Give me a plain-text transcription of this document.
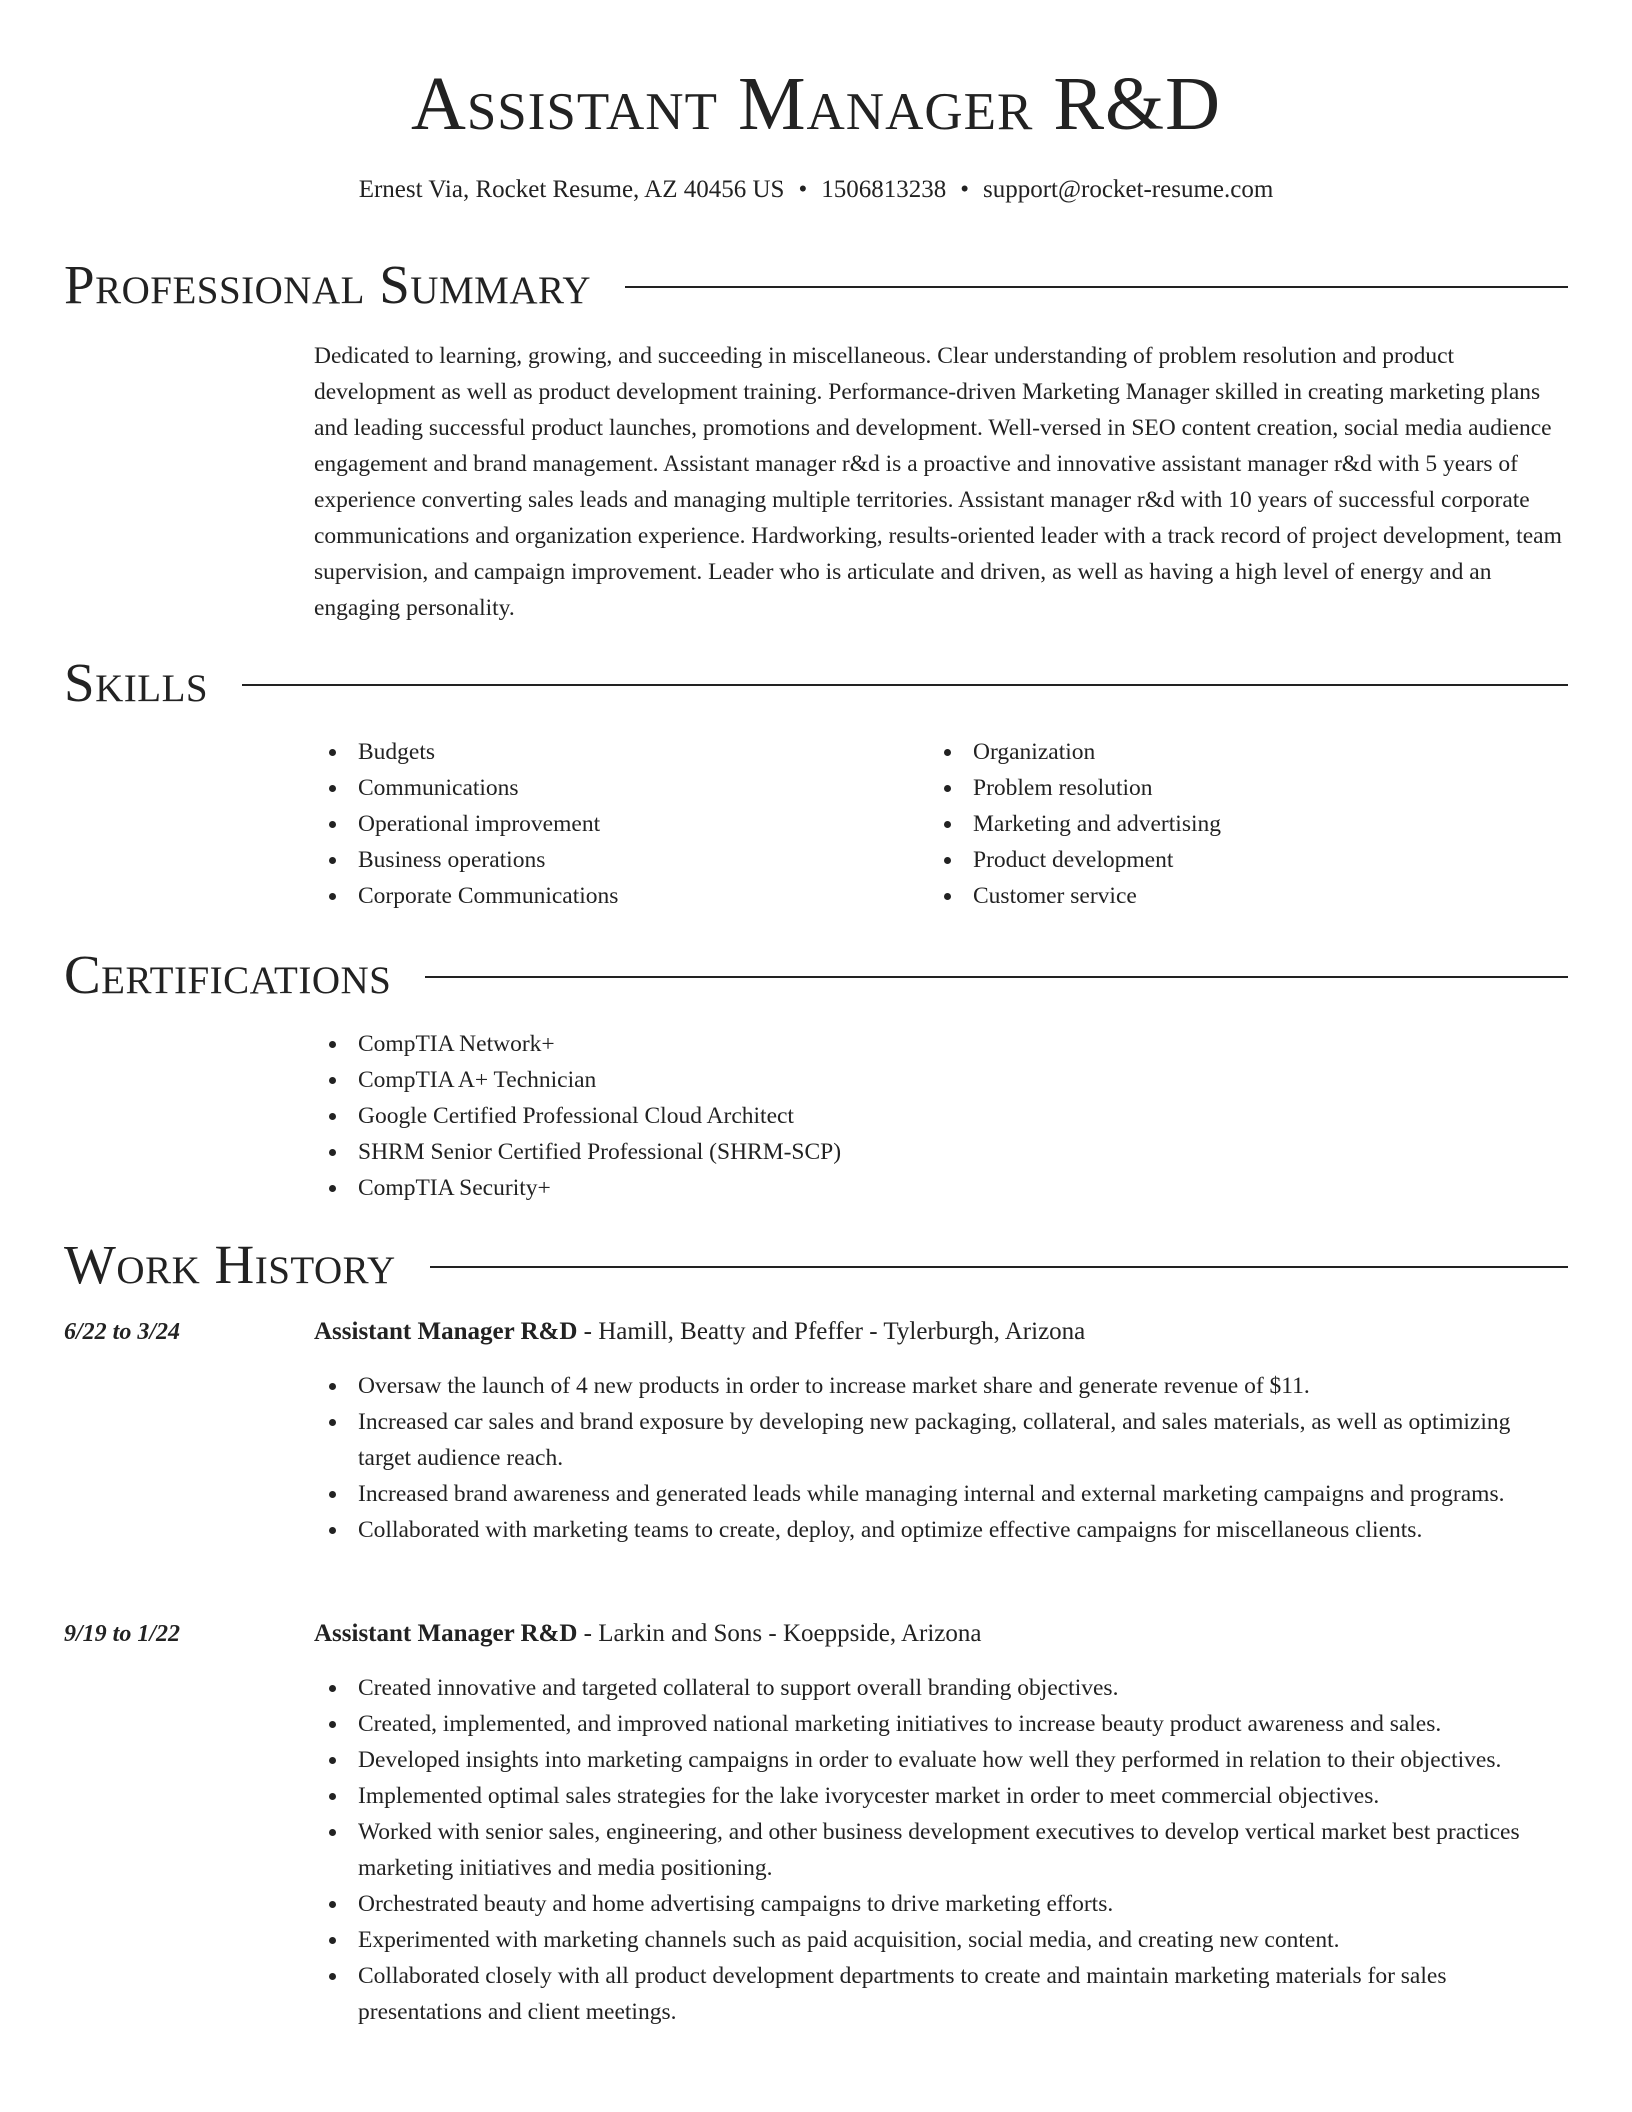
Assistant Manager R&D
Ernest Via, Rocket Resume, AZ 40456 US • 1506813238 • support@rocket-resume.com
Professional Summary

Dedicated to learning, growing, and succeeding in miscellaneous. Clear understanding of problem resolution and product development as well as product development training. Performance-driven Marketing Manager skilled in creating marketing plans and leading successful product launches, promotions and development. Well-versed in SEO content creation, social media audience engagement and brand management. Assistant manager r&d is a proactive and innovative assistant manager r&d with 5 years of experience converting sales leads and managing multiple territories. Assistant manager r&d with 10 years of successful corporate communications and organization experience. Hardworking, results-oriented leader with a track record of project development, team supervision, and campaign improvement. Leader who is articulate and driven, as well as having a high level of energy and an engaging personality.

Skills
Budgets
Communications
Operational improvement
Business operations
Corporate Communications
Organization
Problem resolution
Marketing and advertising
Product development
Customer service
Certifications
CompTIA Network+
CompTIA A+ Technician
Google Certified Professional Cloud Architect
SHRM Senior Certified Professional (SHRM-SCP)
CompTIA Security+
Work History
6/22 to 3/24	Assistant Manager R&D - Hamill, Beatty and Pfeffer - Tylerburgh, Arizona
Oversaw the launch of 4 new products in order to increase market share and generate revenue of $11.
Increased car sales and brand exposure by developing new packaging, collateral, and sales materials, as well as optimizing target audience reach.
Increased brand awareness and generated leads while managing internal and external marketing campaigns and programs.
Collaborated with marketing teams to create, deploy, and optimize effective campaigns for miscellaneous clients.
9/19 to 1/22	Assistant Manager R&D - Larkin and Sons - Koeppside, Arizona
Created innovative and targeted collateral to support overall branding objectives.
Created, implemented, and improved national marketing initiatives to increase beauty product awareness and sales.
Developed insights into marketing campaigns in order to evaluate how well they performed in relation to their objectives.
Implemented optimal sales strategies for the lake ivorycester market in order to meet commercial objectives.
Worked with senior sales, engineering, and other business development executives to develop vertical market best practices marketing initiatives and media positioning.
Orchestrated beauty and home advertising campaigns to drive marketing efforts.
Experimented with marketing channels such as paid acquisition, social media, and creating new content.
Collaborated closely with all product development departments to create and maintain marketing materials for sales presentations and client meetings.
